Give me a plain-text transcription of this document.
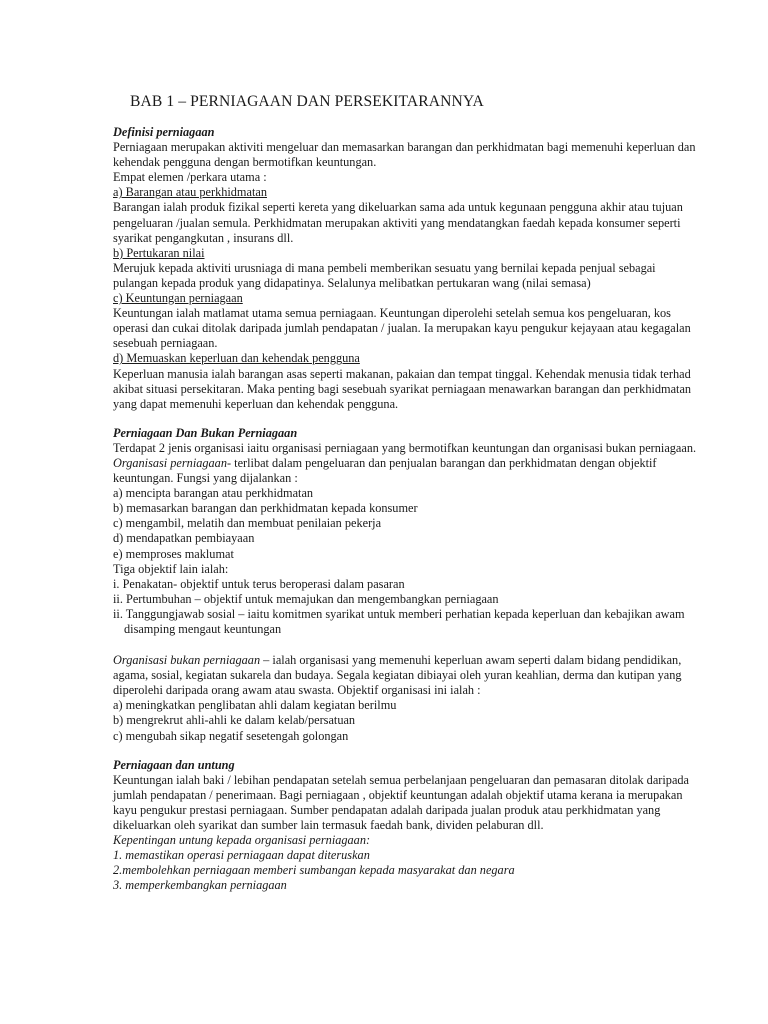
BAB 1 – PERNIAGAAN DAN PERSEKITARANNYA

Definisi perniagaan

Perniagaan merupakan aktiviti mengeluar dan memasarkan barangan dan perkhidmatan bagi memenuhi keperluan dan kehendak pengguna dengan bermotifkan keuntungan.

Empat elemen /perkara utama :

a) Barangan atau perkhidmatan

Barangan ialah produk fizikal seperti kereta yang dikeluarkan sama ada untuk kegunaan pengguna akhir atau tujuan pengeluaran /jualan semula. Perkhidmatan merupakan aktiviti yang mendatangkan faedah kepada konsumer seperti syarikat pengangkutan , insurans dll.

b) Pertukaran nilai

Merujuk kepada aktiviti urusniaga di mana pembeli memberikan sesuatu yang bernilai kepada penjual sebagai pulangan kepada produk yang didapatinya. Selalunya melibatkan pertukaran wang (nilai semasa)

c) Keuntungan perniagaan

Keuntungan ialah matlamat utama semua perniagaan. Keuntungan diperolehi setelah semua kos pengeluaran, kos operasi dan cukai ditolak daripada jumlah pendapatan / jualan. Ia merupakan kayu pengukur kejayaan atau kegagalan sesebuah perniagaan.

d) Memuaskan keperluan dan kehendak pengguna

Keperluan manusia ialah barangan asas seperti makanan, pakaian dan tempat tinggal. Kehendak menusia tidak terhad akibat situasi persekitaran. Maka penting bagi sesebuah syarikat perniagaan menawarkan barangan dan perkhidmatan yang dapat memenuhi keperluan dan kehendak pengguna.

Perniagaan Dan Bukan Perniagaan

Terdapat 2 jenis organisasi iaitu organisasi perniagaan yang bermotifkan keuntungan dan organisasi bukan perniagaan.

Organisasi perniagaan- terlibat dalam pengeluaran dan penjualan barangan dan perkhidmatan dengan objektif keuntungan. Fungsi yang dijalankan :

a) mencipta barangan atau perkhidmatan

b) memasarkan barangan dan perkhidmatan kepada konsumer

c) mengambil, melatih dan membuat penilaian pekerja

d) mendapatkan pembiayaan

e) memproses maklumat

Tiga objektif lain ialah:

i. Penakatan- objektif untuk terus beroperasi dalam pasaran

ii. Pertumbuhan – objektif untuk memajukan dan mengembangkan perniagaan

ii. Tanggungjawab sosial – iaitu komitmen syarikat untuk memberi perhatian kepada keperluan dan kebajikan awam disamping mengaut keuntungan

Organisasi bukan perniagaan – ialah organisasi yang memenuhi keperluan awam seperti dalam bidang pendidikan, agama, sosial, kegiatan sukarela dan budaya. Segala kegiatan dibiayai oleh yuran keahlian, derma dan kutipan yang diperolehi daripada orang awam atau swasta. Objektif organisasi ini ialah :

a) meningkatkan penglibatan ahli dalam kegiatan berilmu

b) mengrekrut ahli-ahli ke dalam kelab/persatuan

c) mengubah sikap negatif sesetengah golongan

Perniagaan dan untung

Keuntungan ialah baki / lebihan pendapatan setelah semua perbelanjaan pengeluaran dan pemasaran ditolak daripada jumlah pendapatan / penerimaan. Bagi perniagaan , objektif keuntungan adalah objektif utama kerana ia merupakan kayu pengukur prestasi perniagaan. Sumber pendapatan adalah daripada jualan produk atau perkhidmatan yang dikeluarkan oleh syarikat dan sumber lain termasuk faedah bank, dividen pelaburan dll.

Kepentingan untung kepada organisasi perniagaan:

1. memastikan operasi perniagaan dapat diteruskan

2.membolehkan perniagaan memberi sumbangan kepada masyarakat dan negara

3. memperkembangkan perniagaan
